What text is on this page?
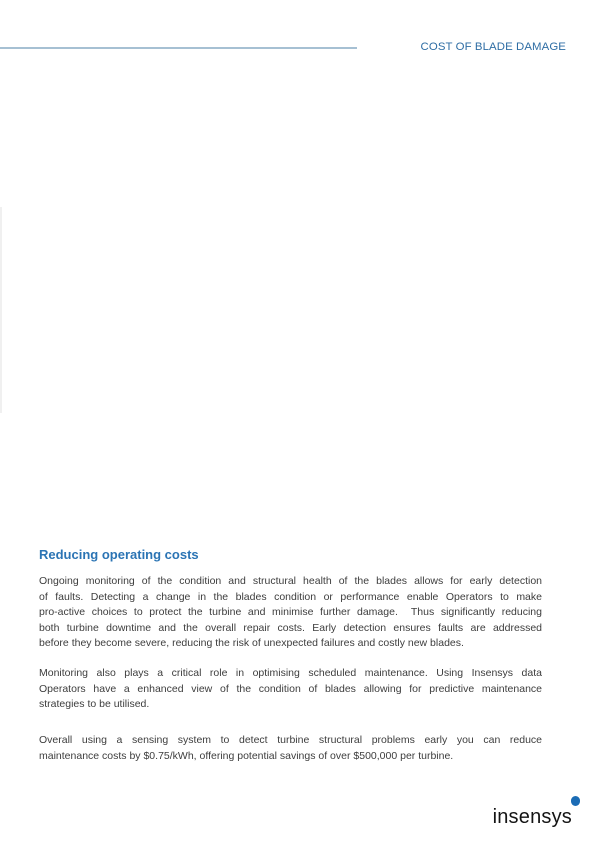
COST OF BLADE DAMAGE
Reducing operating costs
Ongoing monitoring of the condition and structural health of the blades allows for early detection
of faults. Detecting a change in the blades condition or performance enable Operators to make
pro-active choices to protect the turbine and minimise further damage.  Thus significantly reducing
both turbine downtime and the overall repair costs. Early detection ensures faults are addressed
before they become severe, reducing the risk of unexpected failures and costly new blades.
Monitoring also plays a critical role in optimising scheduled maintenance. Using Insensys data
Operators have a enhanced view of the condition of blades allowing for predictive maintenance
strategies to be utilised.
Overall using a sensing system to detect turbine structural problems early you can reduce
maintenance costs by $0.75/kWh, offering potential savings of over $500,000 per turbine.
insensys
